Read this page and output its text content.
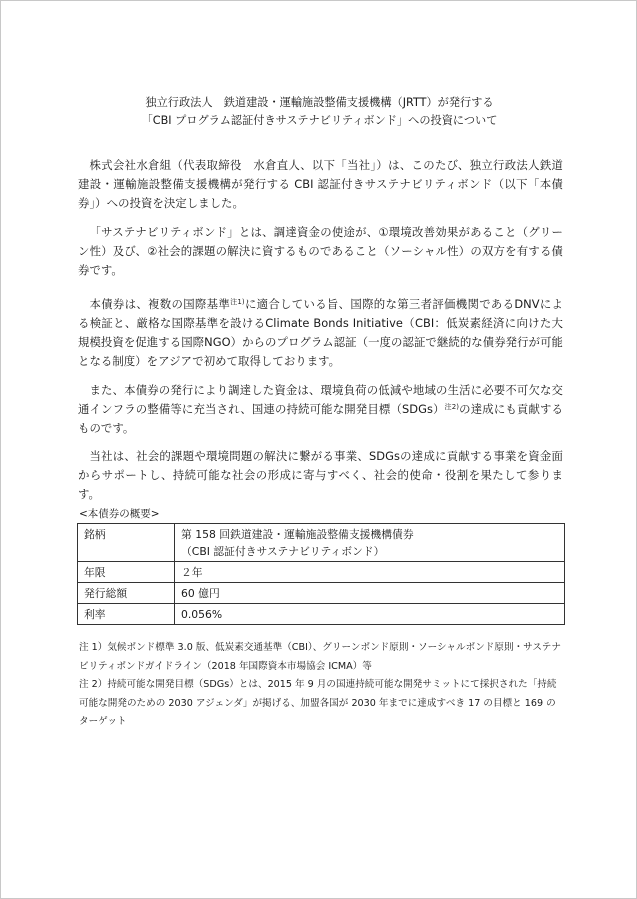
独立行政法人　鉄道建設・運輸施設整備支援機構（JRTT）が発行する
「CBI プログラム認証付きサステナビリティボンド」への投資について

株式会社水倉組（代表取締役　水倉直人、以下「当社」）は、このたび、独立行政法人鉄道建設・運輸施設整備支援機構が発行する CBI 認証付きサステナビリティボンド（以下「本債券」）への投資を決定しました。

「サステナビリティボンド」とは、調達資金の使途が、①環境改善効果があること（グリーン性）及び、②社会的課題の解決に資するものであること（ソーシャル性）の双方を有する債券です。

本債券は、複数の国際基準$^{注1)}$に適合している旨、国際的な第三者評価機関であるDNVによる検証と、厳格な国際基準を設けるClimate Bonds Initiative（CBI：低炭素経済に向けた大規模投資を促進する国際NGO）からのプログラム認証（一度の認証で継続的な債券発行が可能となる制度）をアジアで初めて取得しております。

また、本債券の発行により調達した資金は、環境負荷の低減や地域の生活に必要不可欠な交通インフラの整備等に充当され、国連の持続可能な開発目標（SDGs）$^{注2)}$の達成にも貢献するものです。

当社は、社会的課題や環境問題の解決に繋がる事業、SDGsの達成に貢献する事業を資金面からサポートし、持続可能な社会の形成に寄与すべく、社会的使命・役割を果たして参ります。

<本債券の概要>
銘柄	第 158 回鉄道建設・運輸施設整備支援機構債券
（CBI 認証付きサステナビリティボンド）

年限	２年
発行総額	60 億円
利率	0.056%

注 1）気候ボンド標準 3.0 版、低炭素交通基準（CBI）、グリーンボンド原則・ソーシャルボンド原則・サステナビリティボンドガイドライン（2018 年国際資本市場協会 ICMA）等

注 2）持続可能な開発目標（SDGs）とは、2015 年 9 月の国連持続可能な開発サミットにて採択された「持続可能な開発のための 2030 アジェンダ」が掲げる、加盟各国が 2030 年までに達成すべき 17 の目標と 169 のターゲット
